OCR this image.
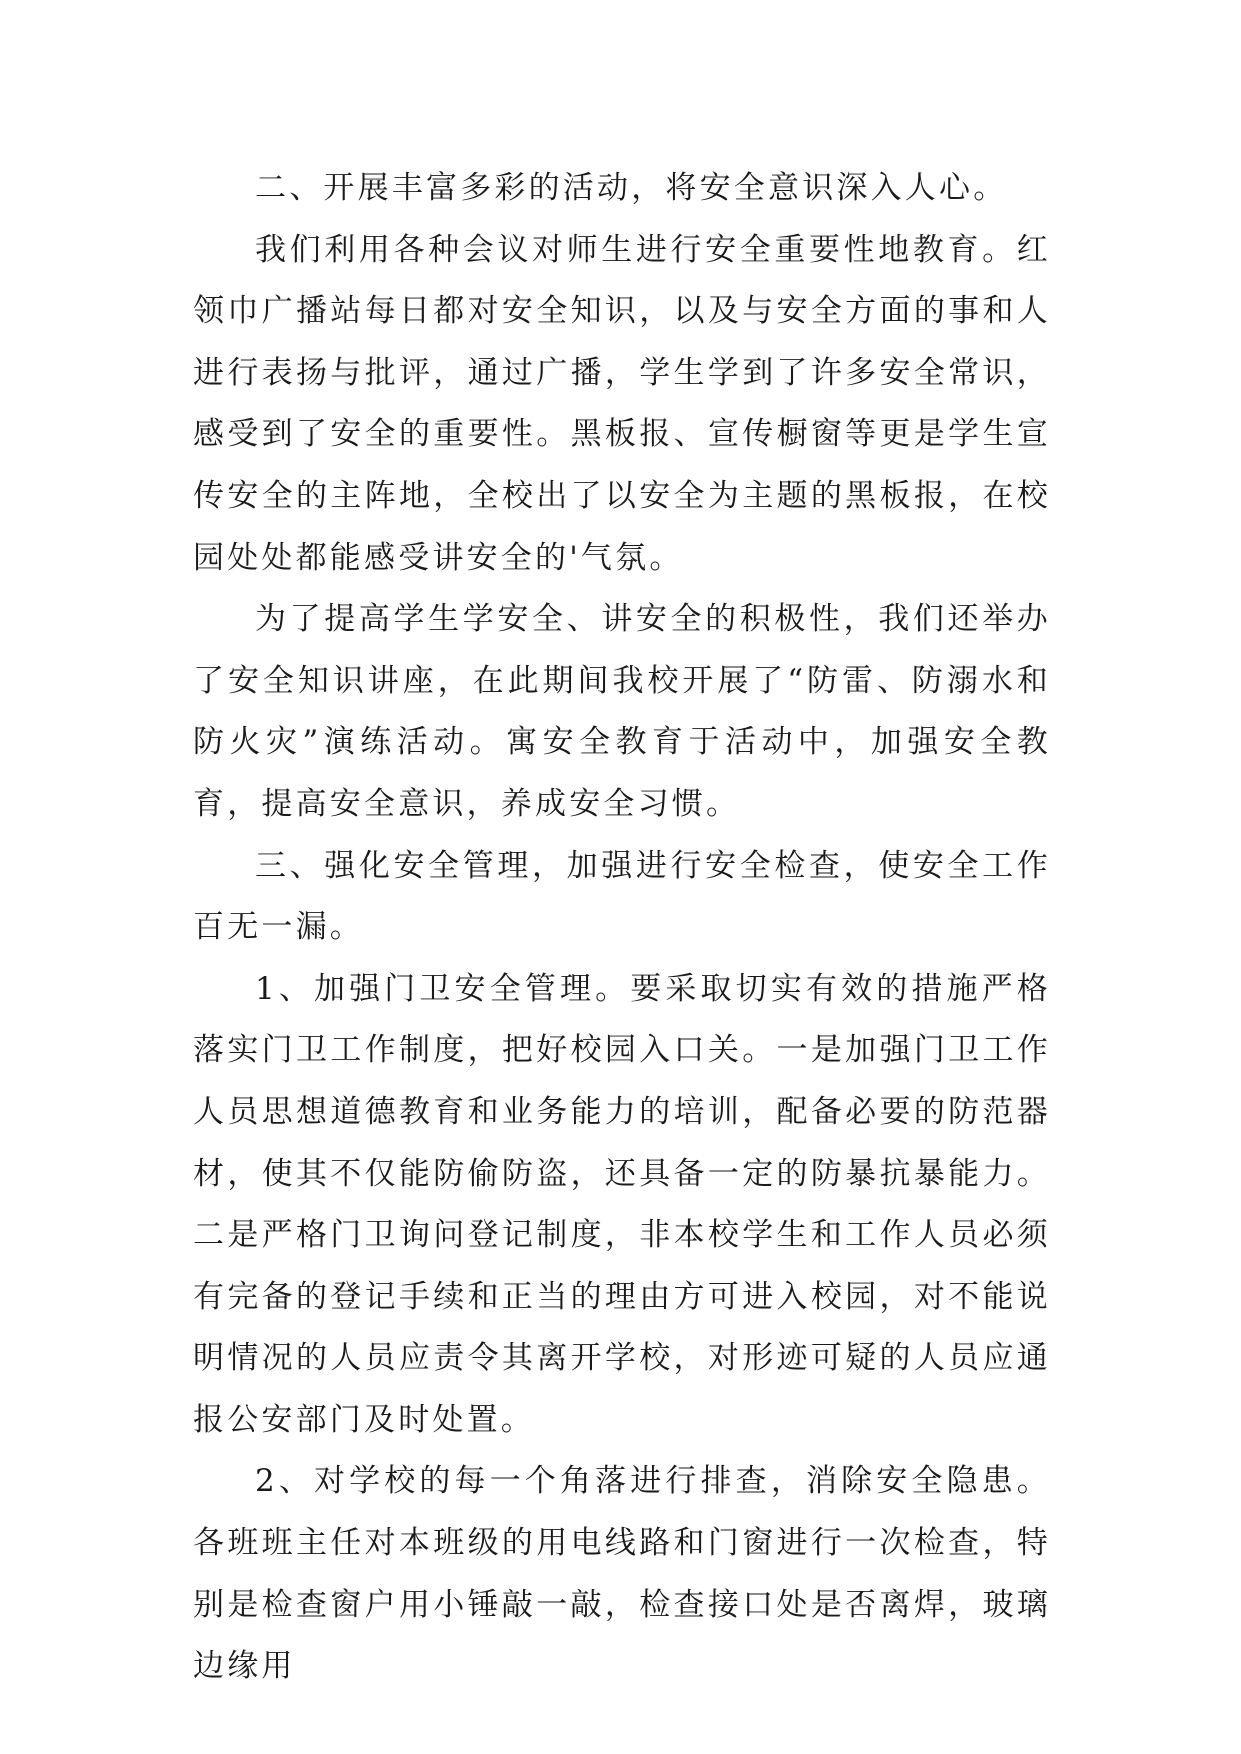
二、开展丰富多彩的活动，将安全意识深入人心。

我们利用各种会议对师生进行安全重要性地教育。红领巾广播站每日都对安全知识，以及与安全方面的事和人进行表扬与批评，通过广播，学生学到了许多安全常识，感受到了安全的重要性。黑板报、宣传橱窗等更是学生宣传安全的主阵地，全校出了以安全为主题的黑板报，在校园处处都能感受讲安全的'气氛。

为了提高学生学安全、讲安全的积极性，我们还举办了安全知识讲座，在此期间我校开展了“防雷、防溺水和防火灾”演练活动。寓安全教育于活动中，加强安全教育，提高安全意识，养成安全习惯。

三、强化安全管理，加强进行安全检查，使安全工作百无一漏。

1、加强门卫安全管理。要采取切实有效的措施严格落实门卫工作制度，把好校园入口关。一是加强门卫工作人员思想道德教育和业务能力的培训，配备必要的防范器材，使其不仅能防偷防盗，还具备一定的防暴抗暴能力。二是严格门卫询问登记制度，非本校学生和工作人员必须有完备的登记手续和正当的理由方可进入校园，对不能说明情况的人员应责令其离开学校，对形迹可疑的人员应通报公安部门及时处置。

2、对学校的每一个角落进行排查，消除安全隐患。各班班主任对本班级的用电线路和门窗进行一次检查，特别是检查窗户用小锤敲一敲，检查接口处是否离焊，玻璃边缘用
